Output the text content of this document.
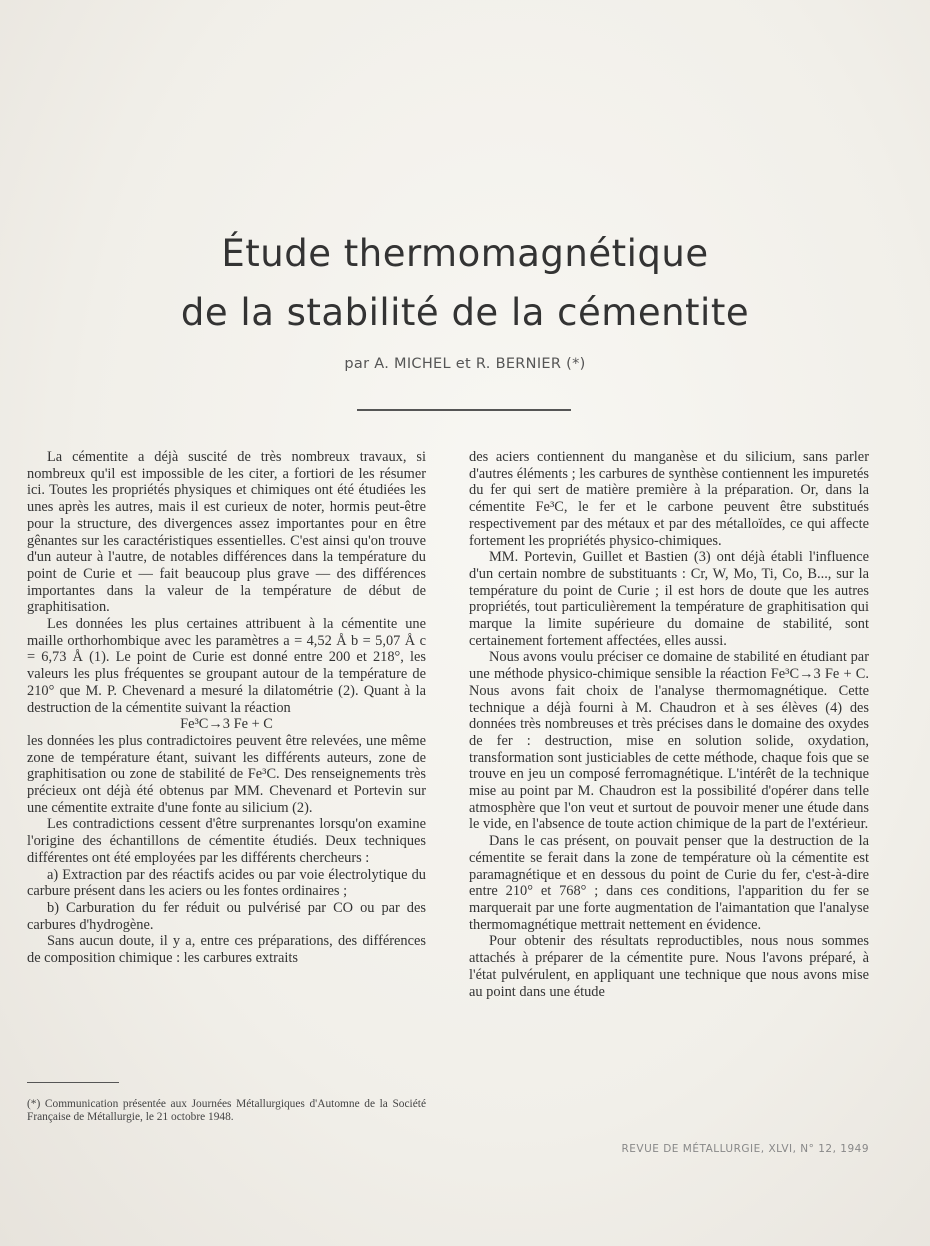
Étude thermomagnétique
de la stabilité de la cémentite
par A. MICHEL et R. BERNIER (*)

La cémentite a déjà suscité de très nombreux travaux, si nombreux qu'il est impossible de les citer, a fortiori de les résumer ici. Toutes les propriétés physiques et chimiques ont été étudiées les unes après les autres, mais il est curieux de noter, hormis peut-être pour la structure, des divergences assez importantes pour en être gênantes sur les caractéristiques essentielles. C'est ainsi qu'on trouve d'un auteur à l'autre, de notables différences dans la température du point de Curie et — fait beaucoup plus grave — des différences importantes dans la valeur de la température de début de graphitisation.

Les données les plus certaines attribuent à la cémentite une maille orthorhombique avec les paramètres a = 4,52 Å b = 5,07 Å c = 6,73 Å (1). Le point de Curie est donné entre 200 et 218°, les valeurs les plus fréquentes se groupant autour de la température de 210° que M. P. Chevenard a mesuré la dilatométrie (2). Quant à la destruction de la cémentite suivant la réaction

Fe³C→3 Fe + C

les données les plus contradictoires peuvent être relevées, une même zone de température étant, suivant les différents auteurs, zone de graphitisation ou zone de stabilité de Fe³C. Des renseignements très précieux ont déjà été obtenus par MM. Chevenard et Portevin sur une cémentite extraite d'une fonte au silicium (2).

Les contradictions cessent d'être surprenantes lorsqu'on examine l'origine des échantillons de cémentite étudiés. Deux techniques différentes ont été employées par les différents chercheurs :

a) Extraction par des réactifs acides ou par voie électrolytique du carbure présent dans les aciers ou les fontes ordinaires ;

b) Carburation du fer réduit ou pulvérisé par CO ou par des carbures d'hydrogène.

Sans aucun doute, il y a, entre ces préparations, des différences de composition chimique : les carbures extraits

des aciers contiennent du manganèse et du silicium, sans parler d'autres éléments ; les carbures de synthèse contiennent les impuretés du fer qui sert de matière première à la préparation. Or, dans la cémentite Fe³C, le fer et le carbone peuvent être substitués respectivement par des métaux et par des métalloïdes, ce qui affecte fortement les propriétés physico-chimiques.

MM. Portevin, Guillet et Bastien (3) ont déjà établi l'influence d'un certain nombre de substituants : Cr, W, Mo, Ti, Co, B..., sur la température du point de Curie ; il est hors de doute que les autres propriétés, tout particulièrement la température de graphitisation qui marque la limite supérieure du domaine de stabilité, sont certainement fortement affectées, elles aussi.

Nous avons voulu préciser ce domaine de stabilité en étudiant par une méthode physico-chimique sensible la réaction Fe³C→3 Fe + C. Nous avons fait choix de l'analyse thermomagnétique. Cette technique a déjà fourni à M. Chaudron et à ses élèves (4) des données très nombreuses et très précises dans le domaine des oxydes de fer : destruction, mise en solution solide, oxydation, transformation sont justiciables de cette méthode, chaque fois que se trouve en jeu un composé ferromagnétique. L'intérêt de la technique mise au point par M. Chaudron est la possibilité d'opérer dans telle atmosphère que l'on veut et surtout de pouvoir mener une étude dans le vide, en l'absence de toute action chimique de la part de l'extérieur.

Dans le cas présent, on pouvait penser que la destruction de la cémentite se ferait dans la zone de température où la cémentite est paramagnétique et en dessous du point de Curie du fer, c'est-à-dire entre 210° et 768° ; dans ces conditions, l'apparition du fer se marquerait par une forte augmentation de l'aimantation que l'analyse thermomagnétique mettrait nettement en évidence.

Pour obtenir des résultats reproductibles, nous nous sommes attachés à préparer de la cémentite pure. Nous l'avons préparé, à l'état pulvérulent, en appliquant une technique que nous avons mise au point dans une étude

(*) Communication présentée aux Journées Métallurgiques d'Automne de la Société Française de Métallurgie, le 21 octobre 1948.
REVUE DE MÉTALLURGIE, XLVI, N° 12, 1949
